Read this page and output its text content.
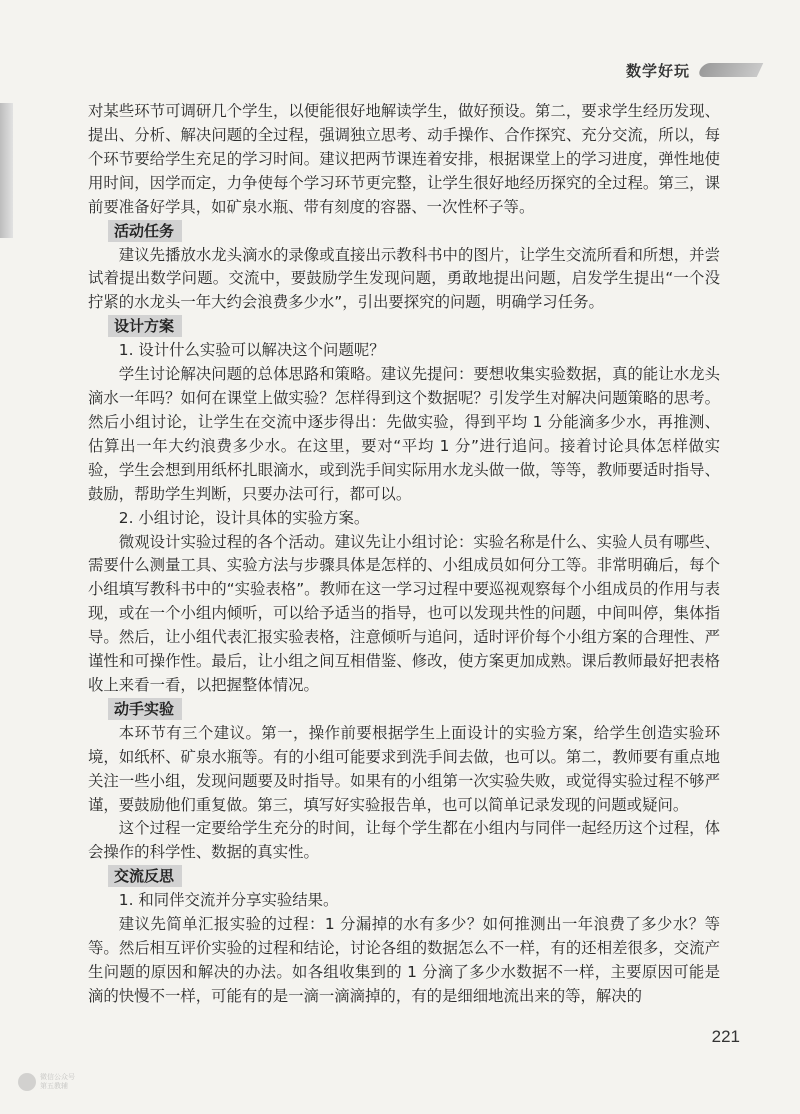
数学好玩

对某些环节可调研几个学生，以便能很好地解读学生，做好预设。第二，要求学生经历发现、提出、分析、解决问题的全过程，强调独立思考、动手操作、合作探究、充分交流，所以，每个环节要给学生充足的学习时间。建议把两节课连着安排，根据课堂上的学习进度，弹性地使用时间，因学而定，力争使每个学习环节更完整，让学生很好地经历探究的全过程。第三，课前要准备好学具，如矿泉水瓶、带有刻度的容器、一次性杯子等。

活动任务

建议先播放水龙头滴水的录像或直接出示教科书中的图片，让学生交流所看和所想，并尝试着提出数学问题。交流中，要鼓励学生发现问题，勇敢地提出问题，启发学生提出“一个没拧紧的水龙头一年大约会浪费多少水”，引出要探究的问题，明确学习任务。

设计方案

1. 设计什么实验可以解决这个问题呢？

学生讨论解决问题的总体思路和策略。建议先提问：要想收集实验数据，真的能让水龙头滴水一年吗？如何在课堂上做实验？怎样得到这个数据呢？引发学生对解决问题策略的思考。然后小组讨论，让学生在交流中逐步得出：先做实验，得到平均 1 分能滴多少水，再推测、估算出一年大约浪费多少水。在这里，要对“平均 1 分”进行追问。接着讨论具体怎样做实验，学生会想到用纸杯扎眼滴水，或到洗手间实际用水龙头做一做，等等，教师要适时指导、鼓励，帮助学生判断，只要办法可行，都可以。

2. 小组讨论，设计具体的实验方案。

微观设计实验过程的各个活动。建议先让小组讨论：实验名称是什么、实验人员有哪些、需要什么测量工具、实验方法与步骤具体是怎样的、小组成员如何分工等。非常明确后，每个小组填写教科书中的“实验表格”。教师在这一学习过程中要巡视观察每个小组成员的作用与表现，或在一个小组内倾听，可以给予适当的指导，也可以发现共性的问题，中间叫停，集体指导。然后，让小组代表汇报实验表格，注意倾听与追问，适时评价每个小组方案的合理性、严谨性和可操作性。最后，让小组之间互相借鉴、修改，使方案更加成熟。课后教师最好把表格收上来看一看，以把握整体情况。

动手实验

本环节有三个建议。第一，操作前要根据学生上面设计的实验方案，给学生创造实验环境，如纸杯、矿泉水瓶等。有的小组可能要求到洗手间去做，也可以。第二，教师要有重点地关注一些小组，发现问题要及时指导。如果有的小组第一次实验失败，或觉得实验过程不够严谨，要鼓励他们重复做。第三，填写好实验报告单，也可以简单记录发现的问题或疑问。

这个过程一定要给学生充分的时间，让每个学生都在小组内与同伴一起经历这个过程，体会操作的科学性、数据的真实性。

交流反思

1. 和同伴交流并分享实验结果。

建议先简单汇报实验的过程：1 分漏掉的水有多少？如何推测出一年浪费了多少水？等等。然后相互评价实验的过程和结论，讨论各组的数据怎么不一样，有的还相差很多，交流产生问题的原因和解决的办法。如各组收集到的 1 分滴了多少水数据不一样，主要原因可能是滴的快慢不一样，可能有的是一滴一滴滴掉的，有的是细细地流出来的等，解决的

221
微信公众号
第五教辅
